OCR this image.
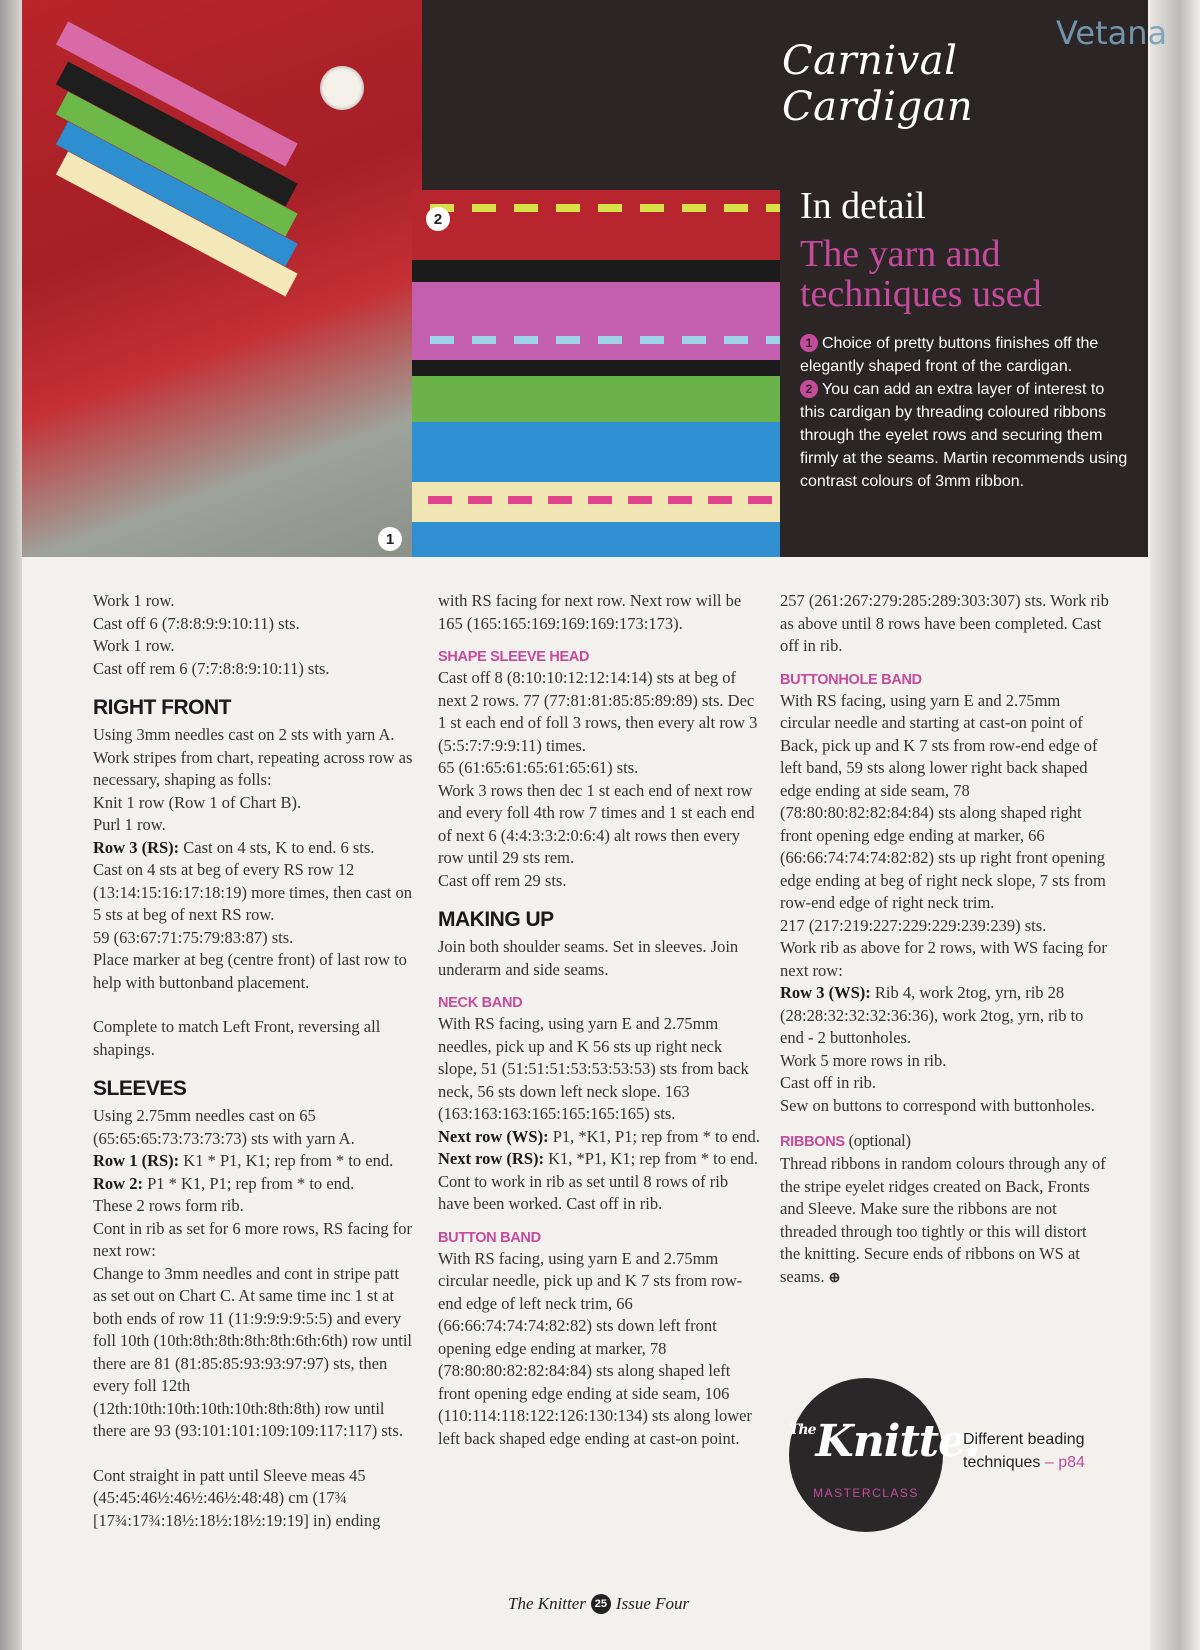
2
1
Carnival Cardigan
In detail
The yarn and techniques used
1 Choice of pretty buttons finishes off the elegantly shaped front of the cardigan.
2 You can add an extra layer of interest to this cardigan by threading coloured ribbons through the eyelet rows and securing them firmly at the seams. Martin recommends using contrast colours of 3mm ribbon.
Vetana

Work 1 row.

Cast off 6 (7:8:8:9:9:10:11) sts.

Work 1 row.

Cast off rem 6 (7:7:8:8:9:10:11) sts.

RIGHT FRONT

Using 3mm needles cast on 2 sts with yarn A. Work stripes from chart, repeating across row as necessary, shaping as folls:

Knit 1 row (Row 1 of Chart B).

Purl 1 row.

Row 3 (RS): Cast on 4 sts, K to end. 6 sts.

Cast on 4 sts at beg of every RS row 12 (13:14:15:16:17:18:19) more times, then cast on 5 sts at beg of next RS row.

59 (63:67:71:75:79:83:87) sts.

Place marker at beg (centre front) of last row to help with buttonband placement.

Complete to match Left Front, reversing all shapings.

SLEEVES

Using 2.75mm needles cast on 65 (65:65:65:73:73:73:73) sts with yarn A.

Row 1 (RS): K1 * P1, K1; rep from * to end.

Row 2: P1 * K1, P1; rep from * to end.

These 2 rows form rib.

Cont in rib as set for 6 more rows, RS facing for next row:

Change to 3mm needles and cont in stripe patt as set out on Chart C. At same time inc 1 st at both ends of row 11 (11:9:9:9:9:5:5) and every foll 10th (10th:8th:8th:8th:8th:6th:6th) row until there are 81 (81:85:85:93:93:97:97) sts, then every foll 12th (12th:10th:10th:10th:10th:8th:8th) row until there are 93 (93:101:101:109:109:117:117) sts.

Cont straight in patt until Sleeve meas 45 (45:45:46½:46½:46½:48:48) cm (17¾ [17¾:17¾:18½:18½:18½:19:19] in) ending

with RS facing for next row. Next row will be 165 (165:165:169:169:169:173:173).

SHAPE SLEEVE HEAD

Cast off 8 (8:10:10:12:12:14:14) sts at beg of next 2 rows. 77 (77:81:81:85:85:89:89) sts. Dec 1 st each end of foll 3 rows, then every alt row 3 (5:5:7:7:9:9:11) times.

65 (61:65:61:65:61:65:61) sts.

Work 3 rows then dec 1 st each end of next row and every foll 4th row 7 times and 1 st each end of next 6 (4:4:3:3:2:0:6:4) alt rows then every row until 29 sts rem.

Cast off rem 29 sts.

MAKING UP

Join both shoulder seams. Set in sleeves. Join underarm and side seams.

NECK BAND

With RS facing, using yarn E and 2.75mm needles, pick up and K 56 sts up right neck slope, 51 (51:51:51:53:53:53:53) sts from back neck, 56 sts down left neck slope. 163 (163:163:163:165:165:165:165) sts.

Next row (WS): P1, *K1, P1; rep from * to end.

Next row (RS): K1, *P1, K1; rep from * to end.

Cont to work in rib as set until 8 rows of rib have been worked. Cast off in rib.

BUTTON BAND

With RS facing, using yarn E and 2.75mm circular needle, pick up and K 7 sts from row-end edge of left neck trim, 66 (66:66:74:74:74:82:82) sts down left front opening edge ending at marker, 78 (78:80:80:82:82:84:84) sts along shaped left front opening edge ending at side seam, 106 (110:114:118:122:126:130:134) sts along lower left back shaped edge ending at cast-on point.

257 (261:267:279:285:289:303:307) sts. Work rib as above until 8 rows have been completed. Cast off in rib.

BUTTONHOLE BAND

With RS facing, using yarn E and 2.75mm circular needle and starting at cast-on point of Back, pick up and K 7 sts from row-end edge of left band, 59 sts along lower right back shaped edge ending at side seam, 78 (78:80:80:82:82:84:84) sts along shaped right front opening edge ending at marker, 66 (66:66:74:74:74:82:82) sts up right front opening edge ending at beg of right neck slope, 7 sts from row-end edge of right neck trim.

217 (217:219:227:229:229:239:239) sts.

Work rib as above for 2 rows, with WS facing for next row:

Row 3 (WS): Rib 4, work 2tog, yrn, rib 28 (28:28:32:32:32:36:36), work 2tog, yrn, rib to end - 2 buttonholes.

Work 5 more rows in rib.

Cast off in rib.

Sew on buttons to correspond with buttonholes.

RIBBONS (optional)

Thread ribbons in random colours through any of the stripe eyelet ridges created on Back, Fronts and Sleeve. Make sure the ribbons are not threaded through too tightly or this will distort the knitting. Secure ends of ribbons on WS at seams. ⊕

$^{The}$Knitter
MASTERCLASS
Different beading techniques – p84
The Knitter 25 Issue Four
